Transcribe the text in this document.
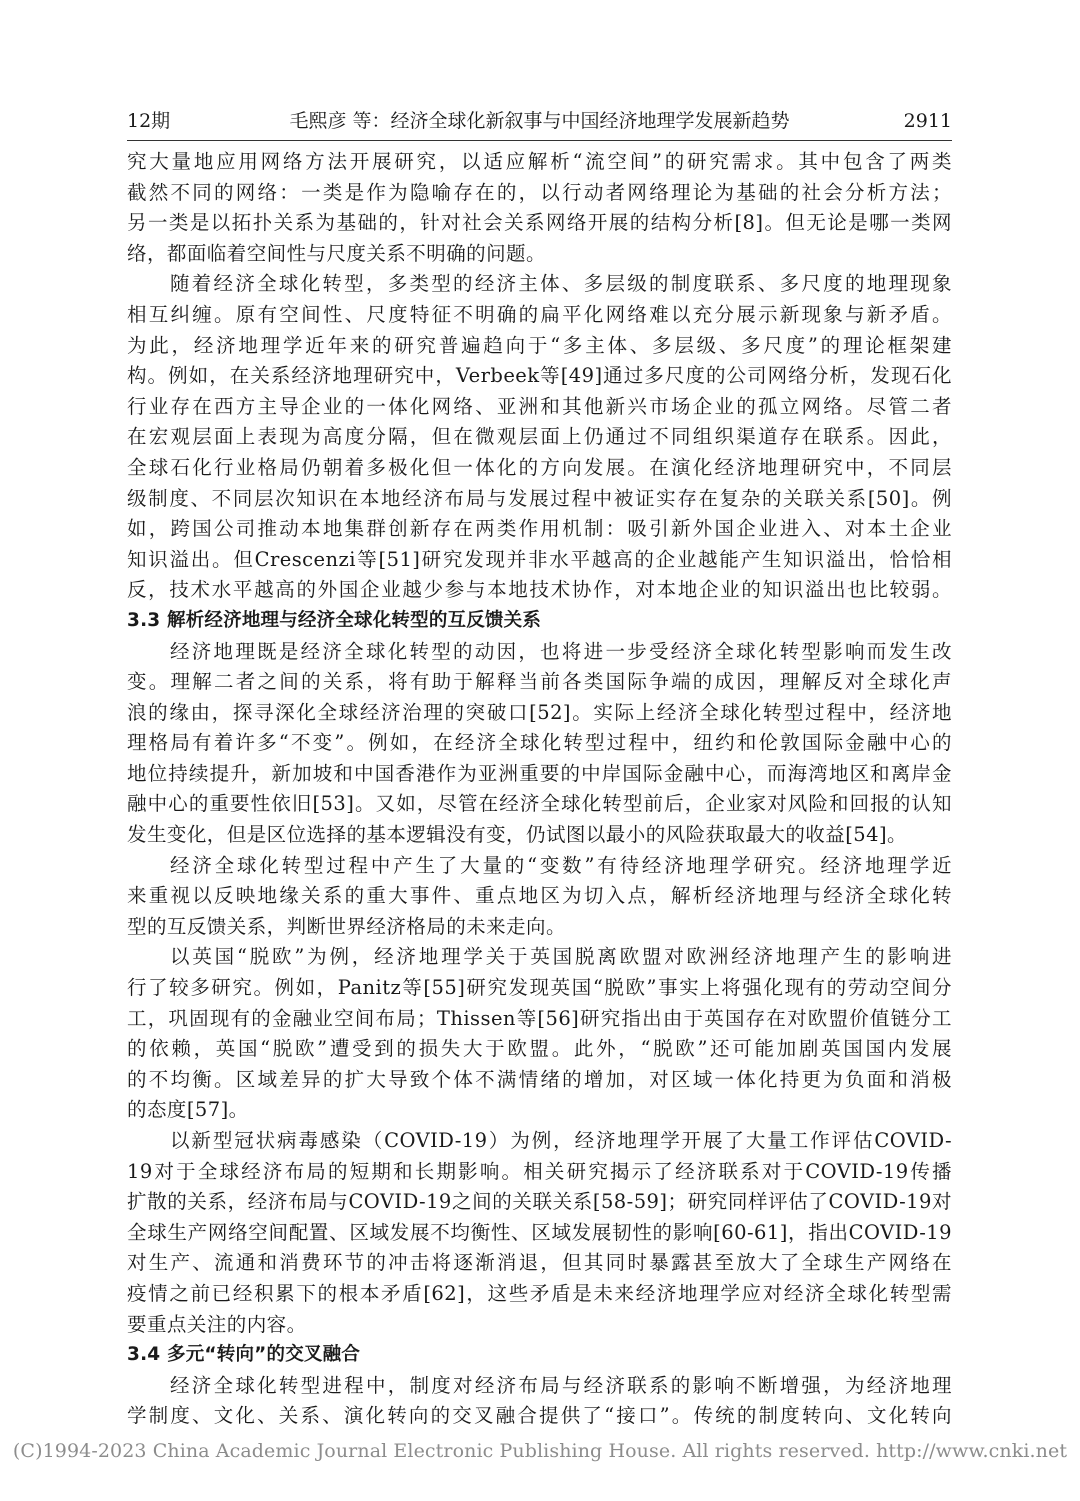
12期	毛熙彦 等：经济全球化新叙事与中国经济地理学发展新趋势	2911
究大量地应用网络方法开展研究，以适应解析“流空间”的研究需求。其中包含了两类
截然不同的网络：一类是作为隐喻存在的，以行动者网络理论为基础的社会分析方法；
另一类是以拓扑关系为基础的，针对社会关系网络开展的结构分析[8]。但无论是哪一类网
络，都面临着空间性与尺度关系不明确的问题。
随着经济全球化转型，多类型的经济主体、多层级的制度联系、多尺度的地理现象
相互纠缠。原有空间性、尺度特征不明确的扁平化网络难以充分展示新现象与新矛盾。
为此，经济地理学近年来的研究普遍趋向于“多主体、多层级、多尺度”的理论框架建
构。例如，在关系经济地理研究中，Verbeek等[49]通过多尺度的公司网络分析，发现石化
行业存在西方主导企业的一体化网络、亚洲和其他新兴市场企业的孤立网络。尽管二者
在宏观层面上表现为高度分隔，但在微观层面上仍通过不同组织渠道存在联系。因此，
全球石化行业格局仍朝着多极化但一体化的方向发展。在演化经济地理研究中，不同层
级制度、不同层次知识在本地经济布局与发展过程中被证实存在复杂的关联关系[50]。例
如，跨国公司推动本地集群创新存在两类作用机制：吸引新外国企业进入、对本土企业
知识溢出。但Crescenzi等[51]研究发现并非水平越高的企业越能产生知识溢出，恰恰相
反，技术水平越高的外国企业越少参与本地技术协作，对本地企业的知识溢出也比较弱。
3.3 解析经济地理与经济全球化转型的互反馈关系
经济地理既是经济全球化转型的动因，也将进一步受经济全球化转型影响而发生改
变。理解二者之间的关系，将有助于解释当前各类国际争端的成因，理解反对全球化声
浪的缘由，探寻深化全球经济治理的突破口[52]。实际上经济全球化转型过程中，经济地
理格局有着许多“不变”。例如，在经济全球化转型过程中，纽约和伦敦国际金融中心的
地位持续提升，新加坡和中国香港作为亚洲重要的中岸国际金融中心，而海湾地区和离岸金
融中心的重要性依旧[53]。又如，尽管在经济全球化转型前后，企业家对风险和回报的认知
发生变化，但是区位选择的基本逻辑没有变，仍试图以最小的风险获取最大的收益[54]。
经济全球化转型过程中产生了大量的“变数”有待经济地理学研究。经济地理学近
来重视以反映地缘关系的重大事件、重点地区为切入点，解析经济地理与经济全球化转
型的互反馈关系，判断世界经济格局的未来走向。
以英国“脱欧”为例，经济地理学关于英国脱离欧盟对欧洲经济地理产生的影响进
行了较多研究。例如，Panitz等[55]研究发现英国“脱欧”事实上将强化现有的劳动空间分
工，巩固现有的金融业空间布局；Thissen等[56]研究指出由于英国存在对欧盟价值链分工
的依赖，英国“脱欧”遭受到的损失大于欧盟。此外，“脱欧”还可能加剧英国国内发展
的不均衡。区域差异的扩大导致个体不满情绪的增加，对区域一体化持更为负面和消极
的态度[57]。
以新型冠状病毒感染（COVID-19）为例，经济地理学开展了大量工作评估COVID-
19对于全球经济布局的短期和长期影响。相关研究揭示了经济联系对于COVID-19传播
扩散的关系，经济布局与COVID-19之间的关联关系[58-59]；研究同样评估了COVID-19对
全球生产网络空间配置、区域发展不均衡性、区域发展韧性的影响[60-61]，指出COVID-19
对生产、流通和消费环节的冲击将逐渐消退，但其同时暴露甚至放大了全球生产网络在
疫情之前已经积累下的根本矛盾[62]，这些矛盾是未来经济地理学应对经济全球化转型需
要重点关注的内容。
3.4 多元“转向”的交叉融合
经济全球化转型进程中，制度对经济布局与经济联系的影响不断增强，为经济地理
学制度、文化、关系、演化转向的交叉融合提供了“接口”。传统的制度转向、文化转向
(C)1994-2023 China Academic Journal Electronic Publishing House. All rights reserved. http://www.cnki.net
